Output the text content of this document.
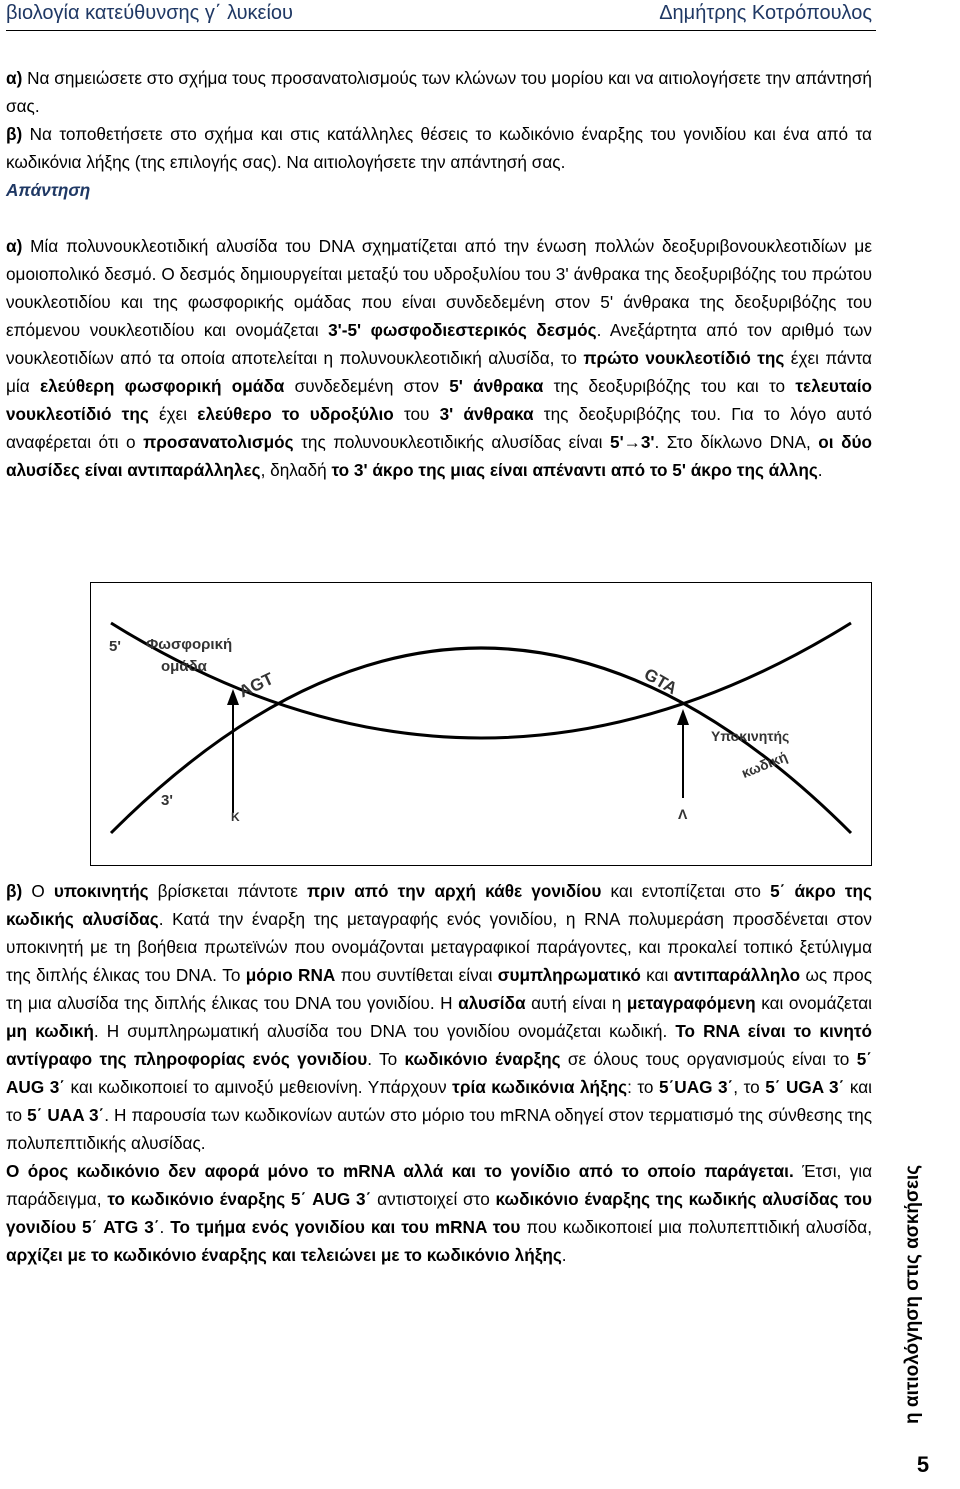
βιολογία κατεύθυνσης γ΄ λυκείου	Δημήτρης Κοτρόπουλος

α) Να σημειώσετε στο σχήμα τους προσανατολισμούς των κλώνων του μορίου και να αιτιολογήσετε την απάντησή σας.

β) Να τοποθετήσετε στο σχήμα και στις κατάλληλες θέσεις το κωδικόνιο έναρξης του γονιδίου και ένα από τα κωδικόνια λήξης (της επιλογής σας). Να αιτιολογήσετε την απάντησή σας.

Απάντηση

α) Μία πολυνουκλεοτιδική αλυσίδα του DNA σχηματίζεται από την ένωση πολλών δεοξυριβονουκλεοτιδίων με ομοιοπολικό δεσμό. Ο δεσμός δημιουργείται μεταξύ του υδροξυλίου του 3' άνθρακα της δεοξυριβόζης του πρώτου νουκλεοτιδίου και της φωσφορικής ομάδας που είναι συνδεδεμένη στον 5' άνθρακα της δεοξυριβόζης του επόμενου νουκλεοτιδίου και ονομάζεται 3'-5' φωσφοδιεστερικός δεσμός. Ανεξάρτητα από τον αριθμό των νουκλεοτιδίων από τα οποία αποτελείται η πολυνουκλεοτιδική αλυσίδα, το πρώτο νουκλεοτίδιό της έχει πάντα μία ελεύθερη φωσφορική ομάδα συνδεδεμένη στον 5' άνθρακα της δεοξυριβόζης του και το τελευταίο νουκλεοτίδιό της έχει ελεύθερο το υδροξύλιο του 3' άνθρακα της δεοξυριβόζης του. Για το λόγο αυτό αναφέρεται ότι ο προσανατολισμός της πολυνουκλεοτιδικής αλυσίδας είναι 5'→3'. Στο δίκλωνο DNA, οι δύο αλυσίδες είναι αντιπαράλληλες, δηλαδή το 3' άκρο της μιας είναι απέναντι από το 5' άκρο της άλλης.

5' Φωσφορική
ομάδα
AGT	GTA
Υποκινητής
κωδική
3'
K	Λ

β) Ο υποκινητής βρίσκεται πάντοτε πριν από την αρχή κάθε γονιδίου και εντοπίζεται στο 5΄ άκρο της κωδικής αλυσίδας. Κατά την έναρξη της μεταγραφής ενός γονιδίου, η RNA πολυμεράση προσδένεται στον υποκινητή με τη βοήθεια πρωτεϊνών που ονομάζονται μεταγραφικοί παράγοντες, και προκαλεί τοπικό ξετύλιγμα της διπλής έλικας του DNA. Το μόριο RNA που συντίθεται είναι συμπληρωματικό και αντιπαράλληλο ως προς τη μια αλυσίδα της διπλής έλικας του DNA του γονιδίου. Η αλυσίδα αυτή είναι η μεταγραφόμενη και ονομάζεται μη κωδική. Η συμπληρωματική αλυσίδα του DNA του γονιδίου ονομάζεται κωδική. Το RNA είναι το κινητό αντίγραφο της πληροφορίας ενός γονιδίου. Το κωδικόνιο έναρξης σε όλους τους οργανισμούς είναι το 5΄ AUG 3΄ και κωδικοποιεί το αμινοξύ μεθειονίνη. Υπάρχουν τρία κωδικόνια λήξης: το 5΄UAG 3΄, το 5΄ UGA 3΄ και το 5΄ UAA 3΄. Η παρουσία των κωδικονίων αυτών στο μόριο του mRNA οδηγεί στον τερματισμό της σύνθεσης της πολυπεπτιδικής αλυσίδας.

Ο όρος κωδικόνιο δεν αφορά μόνο το mRNA αλλά και το γονίδιο από το οποίο παράγεται. Έτσι, για παράδειγμα, το κωδικόνιο έναρξης 5΄ AUG 3΄ αντιστοιχεί στο κωδικόνιο έναρξης της κωδικής αλυσίδας του γονιδίου 5΄ ATG 3΄. Το τμήμα ενός γονιδίου και του mRNA του που κωδικοποιεί μια πολυπεπτιδική αλυσίδα, αρχίζει με το κωδικόνιο έναρξης και τελειώνει με το κωδικόνιο λήξης.	η αιτιολόγηση στις ασκήσεις
5
